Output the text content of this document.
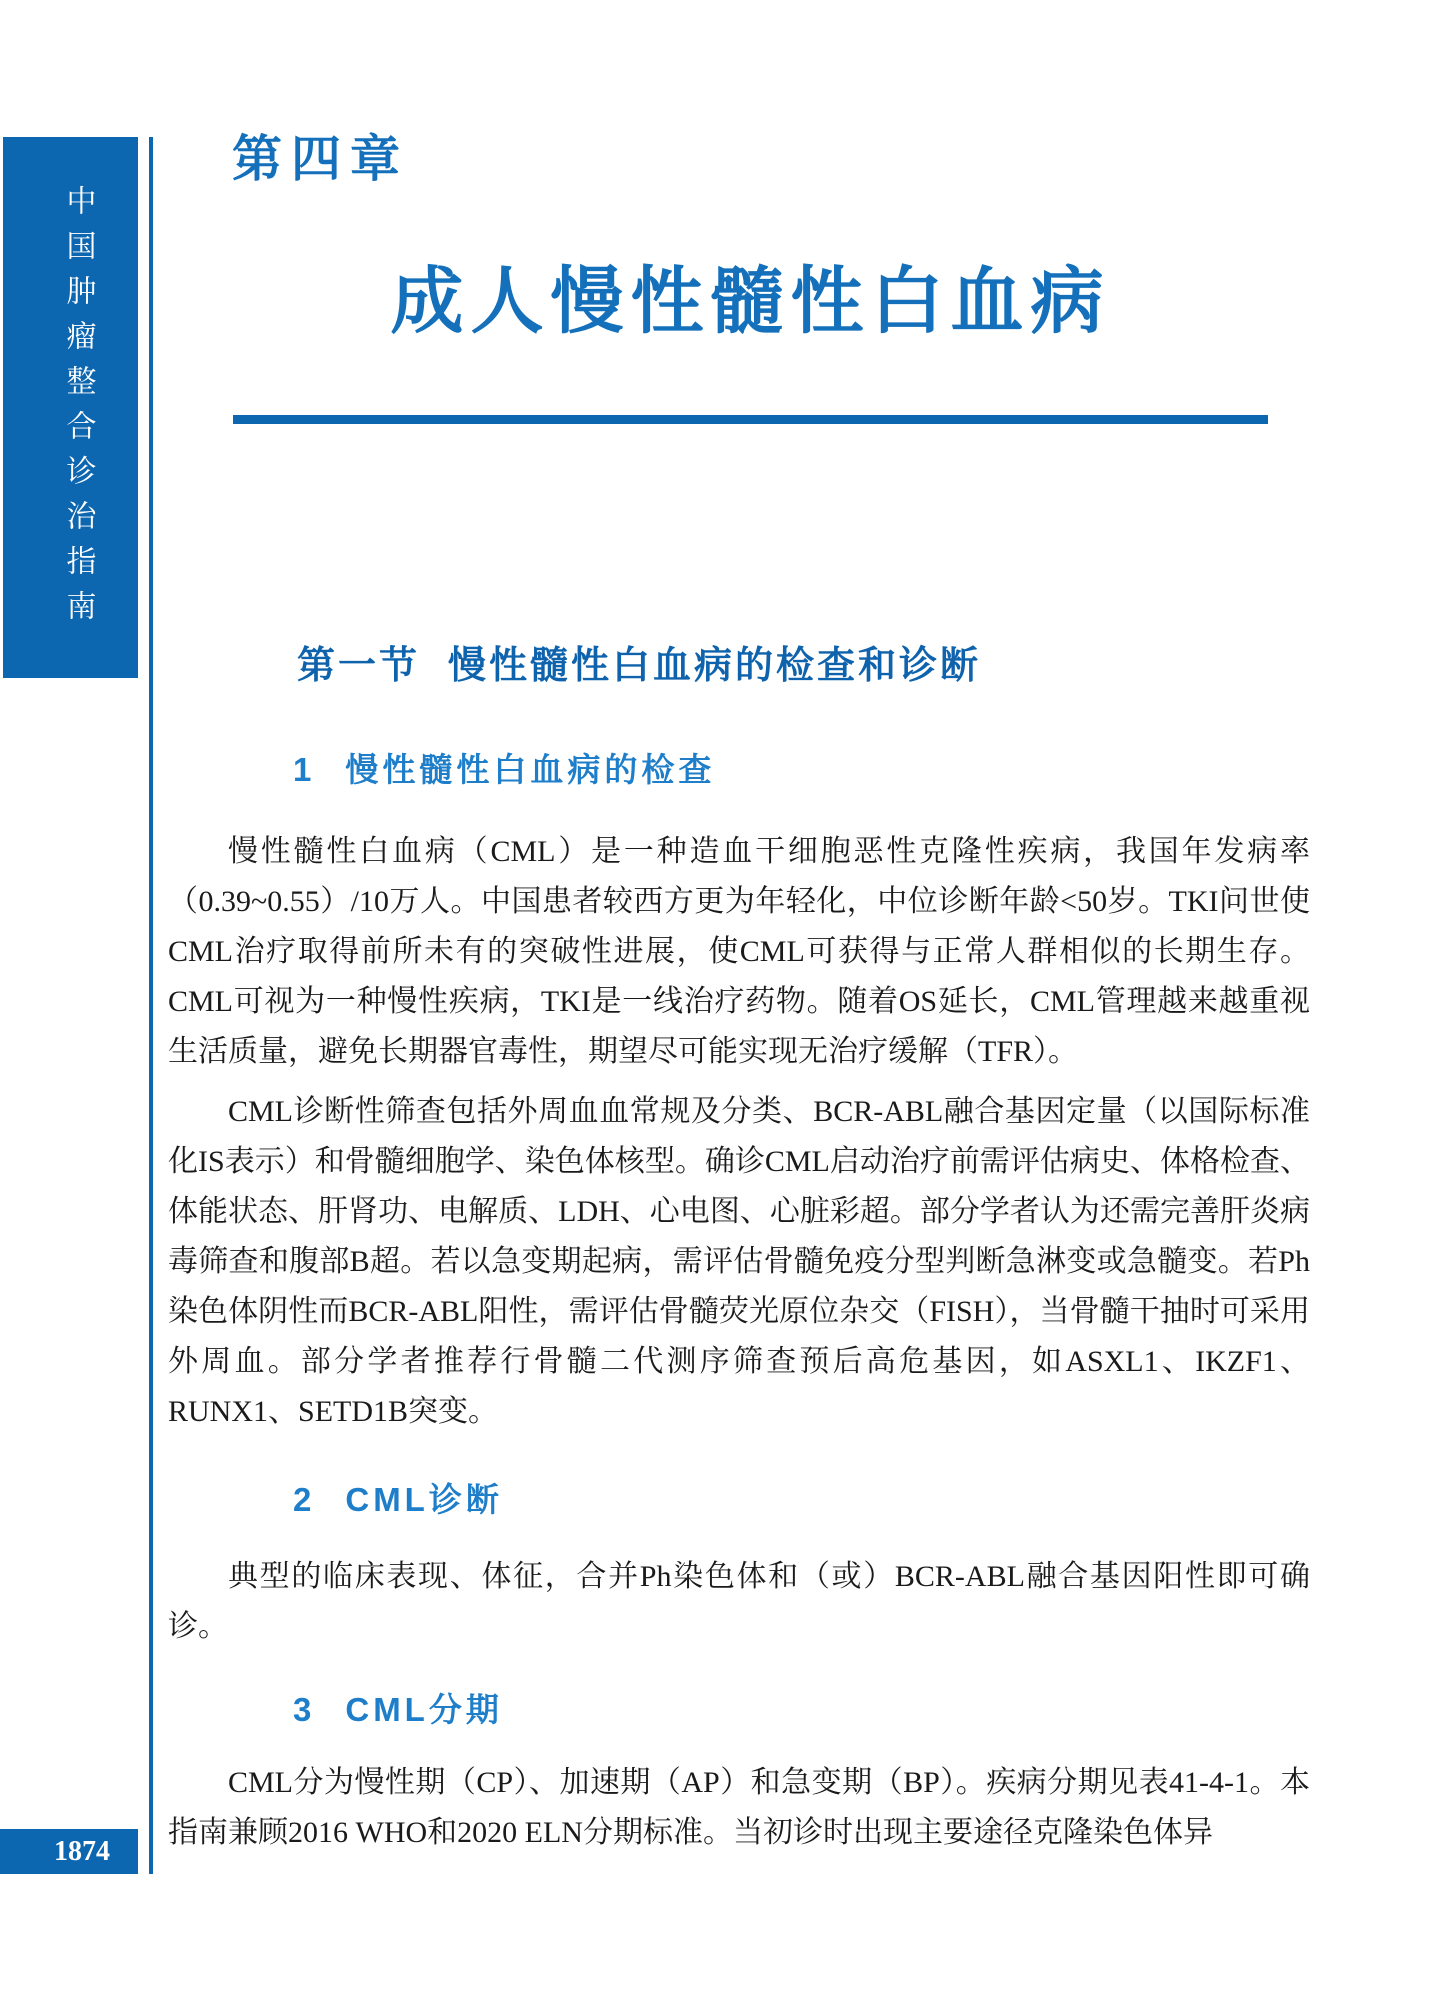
中国肿瘤整合诊治指南
第四章
成人慢性髓性白血病
第一节 慢性髓性白血病的检查和诊断
1 慢性髓性白血病的检查

慢性髓性白血病（CML）是一种造血干细胞恶性克隆性疾病，我国年发病率（0.39~0.55）/10万人。中国患者较西方更为年轻化，中位诊断年龄<50岁。TKI问世使CML治疗取得前所未有的突破性进展，使CML可获得与正常人群相似的长期生存。CML可视为一种慢性疾病，TKI是一线治疗药物。随着OS延长，CML管理越来越重视生活质量，避免长期器官毒性，期望尽可能实现无治疗缓解（TFR）。

CML诊断性筛查包括外周血血常规及分类、BCR-ABL融合基因定量（以国际标准化IS表示）和骨髓细胞学、染色体核型。确诊CML启动治疗前需评估病史、体格检查、体能状态、肝肾功、电解质、LDH、心电图、心脏彩超。部分学者认为还需完善肝炎病毒筛查和腹部B超。若以急变期起病，需评估骨髓免疫分型判断急淋变或急髓变。若Ph染色体阴性而BCR-ABL阳性，需评估骨髓荧光原位杂交（FISH），当骨髓干抽时可采用外周血。部分学者推荐行骨髓二代测序筛查预后高危基因，如ASXL1、IKZF1、RUNX1、SETD1B突变。

2 CML诊断

典型的临床表现、体征，合并Ph染色体和（或）BCR-ABL融合基因阳性即可确诊。

3 CML分期

CML分为慢性期（CP）、加速期（AP）和急变期（BP）。疾病分期见表41-4-1。本指南兼顾2016 WHO和2020 ELN分期标准。当初诊时出现主要途径克隆染色体异

1874
